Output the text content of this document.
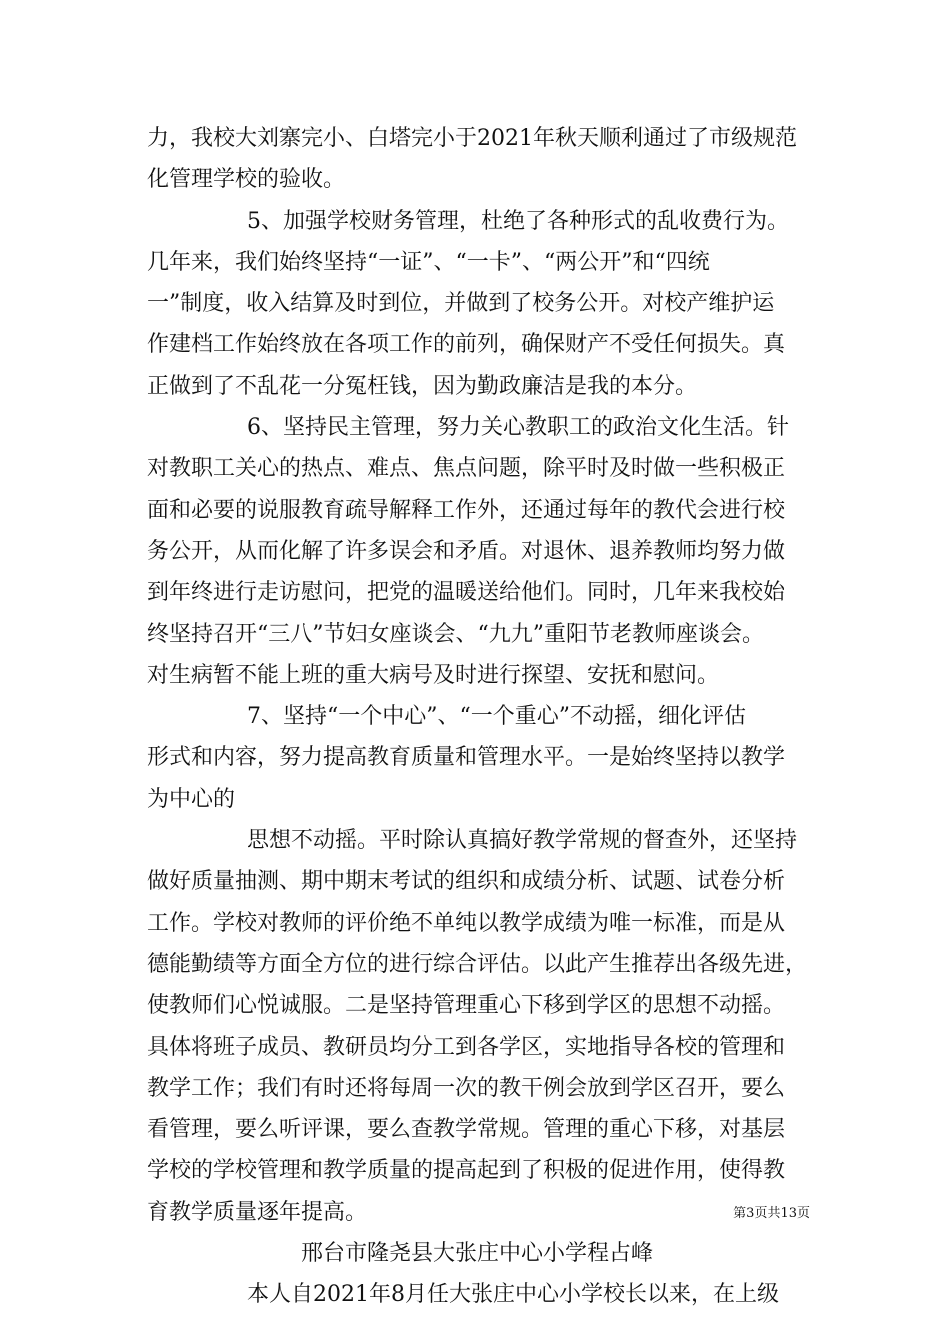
力，我校大刘寨完小、白塔完小于2021年秋天顺利通过了市级规范
化管理学校的验收。
5、加强学校财务管理，杜绝了各种形式的乱收费行为。
几年来，我们始终坚持“一证”、“一卡”、“两公开”和“四统
一”制度，收入结算及时到位，并做到了校务公开。对校产维护运
作建档工作始终放在各项工作的前列，确保财产不受任何损失。真
正做到了不乱花一分冤枉钱，因为勤政廉洁是我的本分。
6、坚持民主管理，努力关心教职工的政治文化生活。针
对教职工关心的热点、难点、焦点问题，除平时及时做一些积极正
面和必要的说服教育疏导解释工作外，还通过每年的教代会进行校
务公开，从而化解了许多误会和矛盾。对退休、退养教师均努力做
到年终进行走访慰问，把党的温暖送给他们。同时，几年来我校始
终坚持召开“三八”节妇女座谈会、“九九”重阳节老教师座谈会。
对生病暂不能上班的重大病号及时进行探望、安抚和慰问。
7、坚持“一个中心”、“一个重心”不动摇，细化评估
形式和内容，努力提高教育质量和管理水平。一是始终坚持以教学
为中心的
思想不动摇。平时除认真搞好教学常规的督查外，还坚持
做好质量抽测、期中期末考试的组织和成绩分析、试题、试卷分析
工作。学校对教师的评价绝不单纯以教学成绩为唯一标准，而是从
德能勤绩等方面全方位的进行综合评估。以此产生推荐出各级先进，
使教师们心悦诚服。二是坚持管理重心下移到学区的思想不动摇。
具体将班子成员、教研员均分工到各学区，实地指导各校的管理和
教学工作；我们有时还将每周一次的教干例会放到学区召开，要么
看管理，要么听评课，要么查教学常规。管理的重心下移，对基层
学校的学校管理和教学质量的提高起到了积极的促进作用，使得教
育教学质量逐年提高。
邢台市隆尧县大张庄中心小学程占峰
本人自2021年8月任大张庄中心小学校长以来，在上级
第3页共13页
